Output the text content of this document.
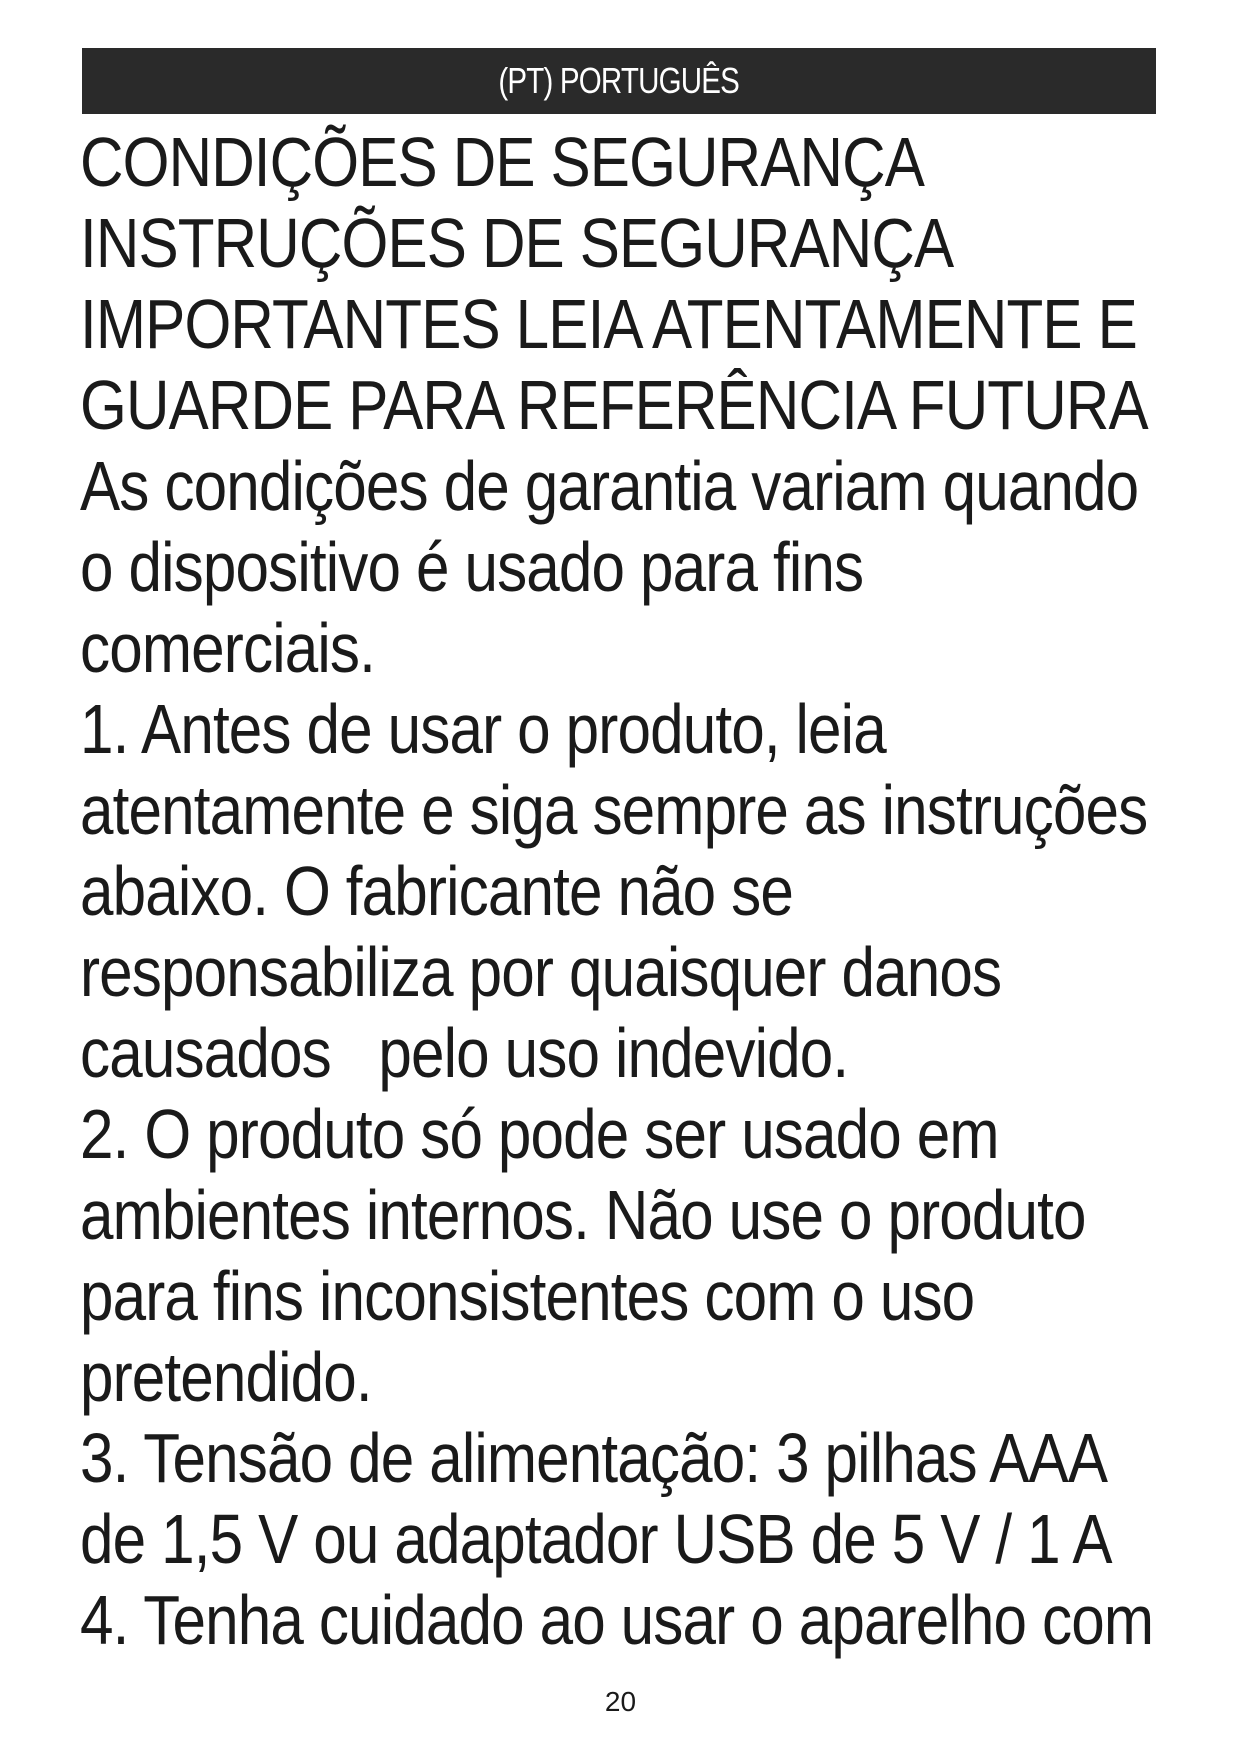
(PT) PORTUGUÊS
CONDIÇÕES DE SEGURANÇA
INSTRUÇÕES DE SEGURANÇA
IMPORTANTES LEIA ATENTAMENTE E
GUARDE PARA REFERÊNCIA FUTURA
As condições de garantia variam quando
o dispositivo é usado para fins
comerciais.
1. Antes de usar o produto, leia
atentamente e siga sempre as instruções
abaixo. O fabricante não se
responsabiliza por quaisquer danos
causados   pelo uso indevido.
2. O produto só pode ser usado em
ambientes internos. Não use o produto
para fins inconsistentes com o uso
pretendido.
3. Tensão de alimentação: 3 pilhas AAA
de 1,5 V ou adaptador USB de 5 V / 1 A
4. Tenha cuidado ao usar o aparelho com
20
